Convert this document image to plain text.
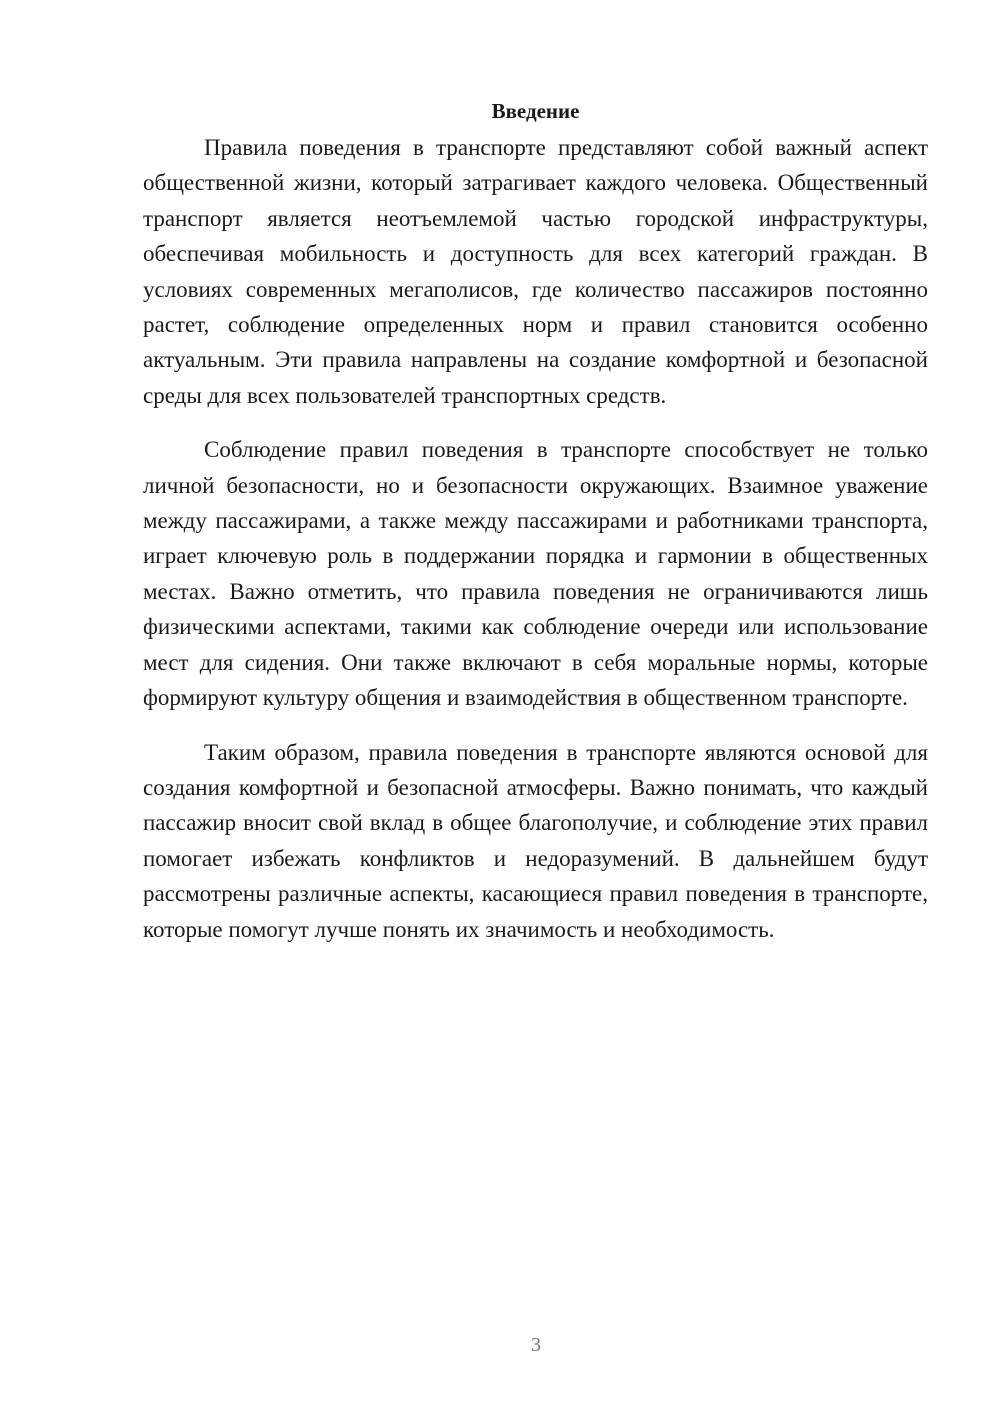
Введение

Правила поведения в транспорте представляют собой важный аспект общественной жизни, который затрагивает каждого человека. Общественный транспорт является неотъемлемой частью городской инфраструктуры, обеспечивая мобильность и доступность для всех категорий граждан. В условиях современных мегаполисов, где количество пассажиров постоянно растет, соблюдение определенных норм и правил становится особенно актуальным. Эти правила направлены на создание комфортной и безопасной среды для всех пользователей транспортных средств.

Соблюдение правил поведения в транспорте способствует не только личной безопасности, но и безопасности окружающих. Взаимное уважение между пассажирами, а также между пассажирами и работниками транспорта, играет ключевую роль в поддержании порядка и гармонии в общественных местах. Важно отметить, что правила поведения не ограничиваются лишь физическими аспектами, такими как соблюдение очереди или использование мест для сидения. Они также включают в себя моральные нормы, которые формируют культуру общения и взаимодействия в общественном транспорте.

Таким образом, правила поведения в транспорте являются основой для создания комфортной и безопасной атмосферы. Важно понимать, что каждый пассажир вносит свой вклад в общее благополучие, и соблюдение этих правил помогает избежать конфликтов и недоразумений. В дальнейшем будут рассмотрены различные аспекты, касающиеся правил поведения в транспорте, которые помогут лучше понять их значимость и необходимость.

3
